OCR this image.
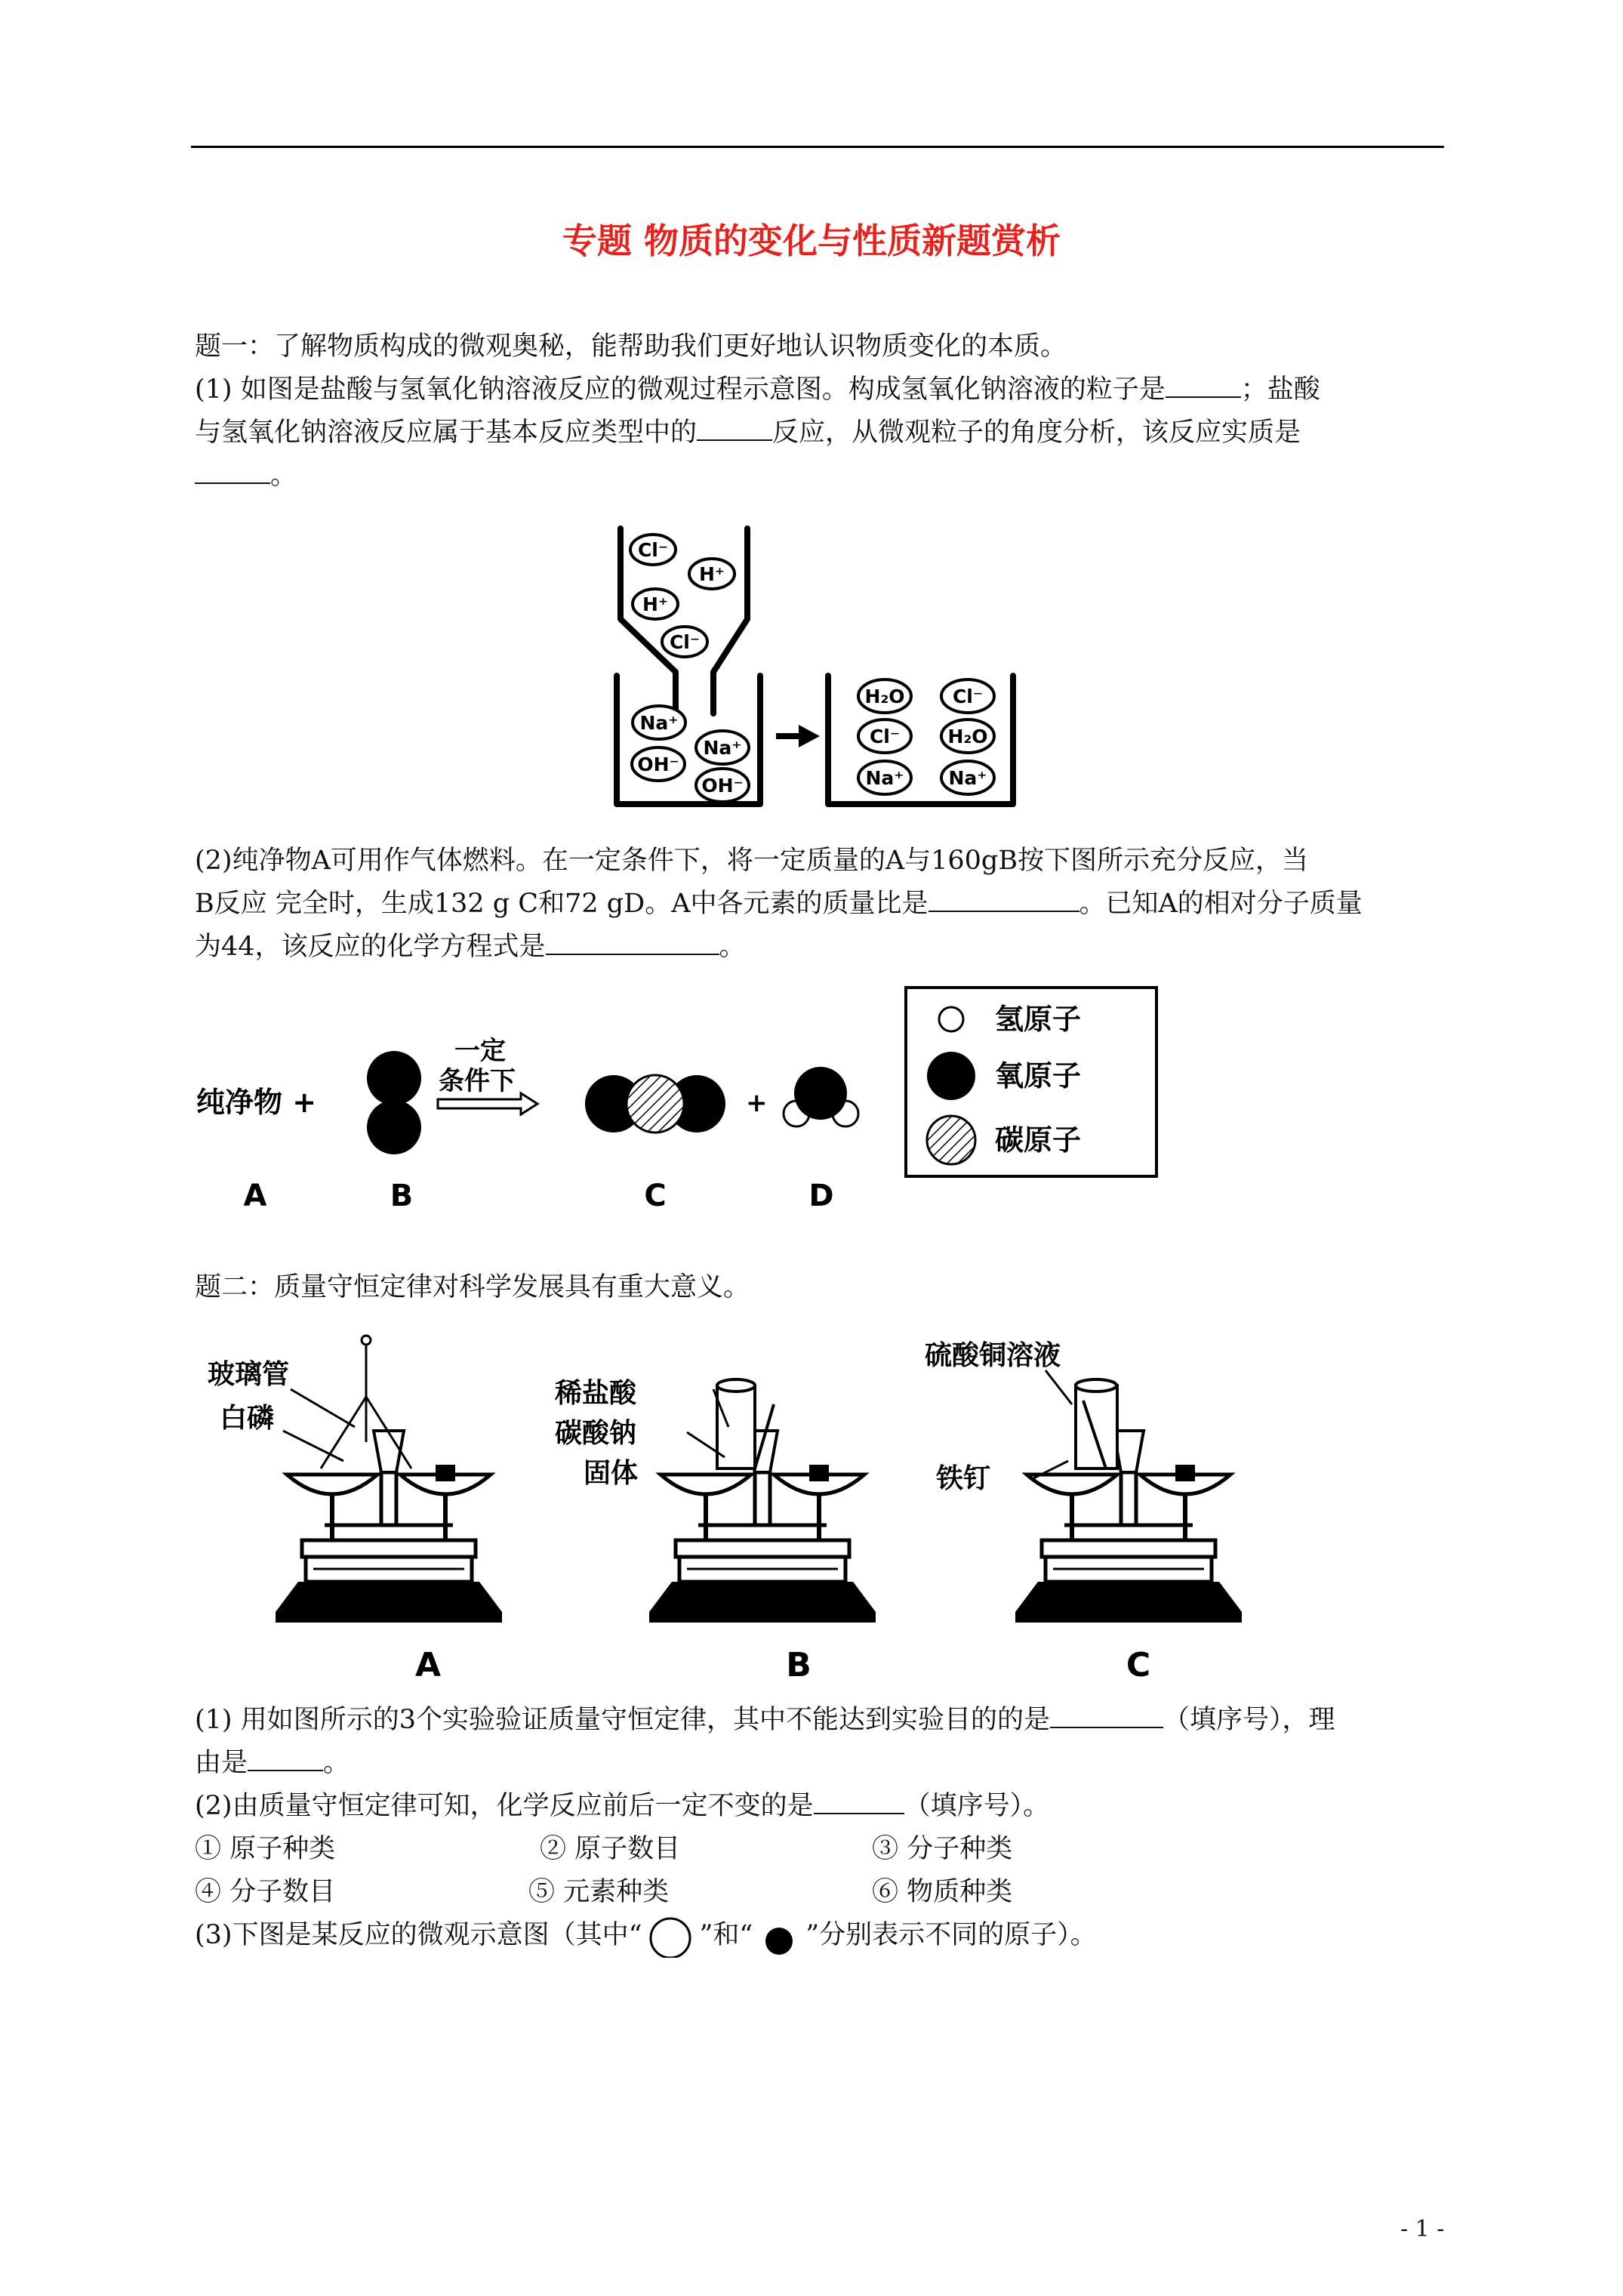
专题 物质的变化与性质新题赏析
题一：了解物质构成的微观奥秘，能帮助我们更好地认识物质变化的本质。
(1) 如图是盐酸与氢氧化钠溶液反应的微观过程示意图。构成氢氧化钠溶液的粒子是	；盐酸
与氢氧化钠溶液反应属于基本反应类型中的	反应，从微观粒子的角度分析，该反应实质是
。
Cl⁻
H⁺
H⁺
Cl⁻
Na⁺
Na⁺
OH⁻
OH⁻
H₂O	Cl⁻
Cl⁻	H₂O
Na⁺ Na⁺
(2)纯净物A可用作气体燃料。在一定条件下，将一定质量的A与160gB按下图所示充分反应，当
B反应 完全时，生成132 g C和72 gD。A中各元素的质量比是	。已知A的相对分子质量
为44，该反应的化学方程式是	。
纯净物 +
一定
条件下
+
A	B	C	D
氢原子
氧原子
碳原子
题二：质量守恒定律对科学发展具有重大意义。
玻璃管
白磷
稀盐酸
碳酸钠
固体
硫酸铜溶液
铁钉
A	B	C
(1) 用如图所示的3个实验验证质量守恒定律，其中不能达到实验目的的是	（填序号），理
由是	。
(2)由质量守恒定律可知，化学反应前后一定不变的是	（填序号）。
① 原子种类	② 原子数目	③ 分子种类
④ 分子数目	⑤ 元素种类	⑥ 物质种类
(3)下图是某反应的微观示意图（其中“ ”和“ ”分别表示不同的原子）。
- 1 -
